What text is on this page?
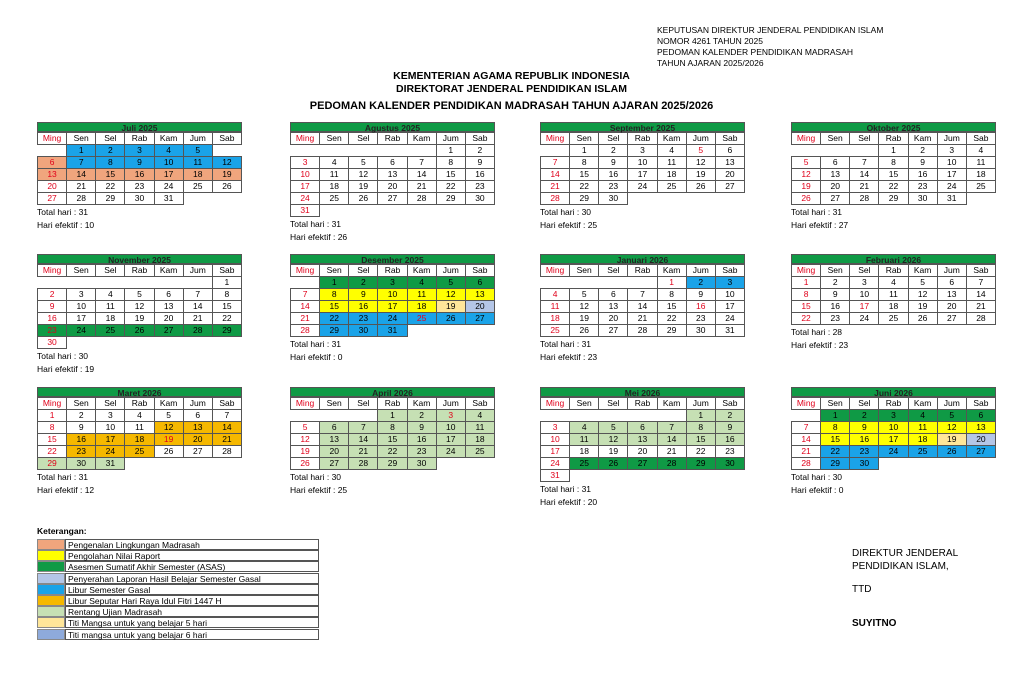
KEPUTUSAN DIREKTUR JENDERAL PENDIDIKAN ISLAM
NOMOR 4261 TAHUN 2025
PEDOMAN KALENDER PENDIDIKAN MADRASAH
TAHUN AJARAN 2025/2026
KEMENTERIAN AGAMA REPUBLIK INDONESIA
DIREKTORAT JENDERAL PENDIDIKAN ISLAM
PEDOMAN KALENDER PENDIDIKAN MADRASAH TAHUN AJARAN 2025/2026
Juli 2025
Ming	Sen	Sel	Rab	Kam	Jum	Sab
	1	2	3	4	5	
6	7	8	9	10	11	12
13	14	15	16	17	18	19
20	21	22	23	24	25	26
27	28	29	30	31		
Total hari : 31
Hari efektif : 10
Agustus 2025
Ming	Sen	Sel	Rab	Kam	Jum	Sab
					1	2
3	4	5	6	7	8	9
10	11	12	13	14	15	16
17	18	19	20	21	22	23
24	25	26	27	28	29	30
31						
Total hari : 31
Hari efektif : 26
September 2025
Ming	Sen	Sel	Rab	Kam	Jum	Sab
	1	2	3	4	5	6
7	8	9	10	11	12	13
14	15	16	17	18	19	20
21	22	23	24	25	26	27
28	29	30				
Total hari : 30
Hari efektif : 25
Oktober 2025
Ming	Sen	Sel	Rab	Kam	Jum	Sab
			1	2	3	4
5	6	7	8	9	10	11
12	13	14	15	16	17	18
19	20	21	22	23	24	25
26	27	28	29	30	31	
Total hari : 31
Hari efektif : 27
November 2025
Ming	Sen	Sel	Rab	Kam	Jum	Sab
						1
2	3	4	5	6	7	8
9	10	11	12	13	14	15
16	17	18	19	20	21	22
23	24	25	26	27	28	29
30						
Total hari : 30
Hari efektif : 19
Desember 2025
Ming	Sen	Sel	Rab	Kam	Jum	Sab
	1	2	3	4	5	6
7	8	9	10	11	12	13
14	15	16	17	18	19	20
21	22	23	24	25	26	27
28	29	30	31			
Total hari : 31
Hari efektif : 0
Januari 2026
Ming	Sen	Sel	Rab	Kam	Jum	Sab
				1	2	3
4	5	6	7	8	9	10
11	12	13	14	15	16	17
18	19	20	21	22	23	24
25	26	27	28	29	30	31
Total hari : 31
Hari efektif : 23
Februari 2026
Ming	Sen	Sel	Rab	Kam	Jum	Sab
1	2	3	4	5	6	7
8	9	10	11	12	13	14
15	16	17	18	19	20	21
22	23	24	25	26	27	28
Total hari : 28
Hari efektif : 23
Maret 2026
Ming	Sen	Sel	Rab	Kam	Jum	Sab
1	2	3	4	5	6	7
8	9	10	11	12	13	14
15	16	17	18	19	20	21
22	23	24	25	26	27	28
29	30	31				
Total hari : 31
Hari efektif : 12
April 2026
Ming	Sen	Sel	Rab	Kam	Jum	Sab
			1	2	3	4
5	6	7	8	9	10	11
12	13	14	15	16	17	18
19	20	21	22	23	24	25
26	27	28	29	30		
Total hari : 30
Hari efektif : 25
Mei 2026
Ming	Sen	Sel	Rab	Kam	Jum	Sab
					1	2
3	4	5	6	7	8	9
10	11	12	13	14	15	16
17	18	19	20	21	22	23
24	25	26	27	28	29	30
31						
Total hari : 31
Hari efektif : 20
Juni 2026
Ming	Sen	Sel	Rab	Kam	Jum	Sab
	1	2	3	4	5	6
7	8	9	10	11	12	13
14	15	16	17	18	19	20
21	22	23	24	25	26	27
28	29	30				
Total hari : 30
Hari efektif : 0
Keterangan:
Pengenalan Lingkungan Madrasah
Pengolahan Nilai Raport
Asesmen Sumatif Akhir Semester (ASAS)
Penyerahan Laporan Hasil Belajar Semester Gasal
Libur Semester Gasal
Libur Seputar Hari Raya Idul Fitri 1447 H
Rentang Ujian Madrasah
Titi Mangsa untuk yang belajar 5 hari
Titi mangsa untuk yang belajar 6 hari
DIREKTUR JENDERAL
PENDIDIKAN ISLAM,
TTD
SUYITNO
